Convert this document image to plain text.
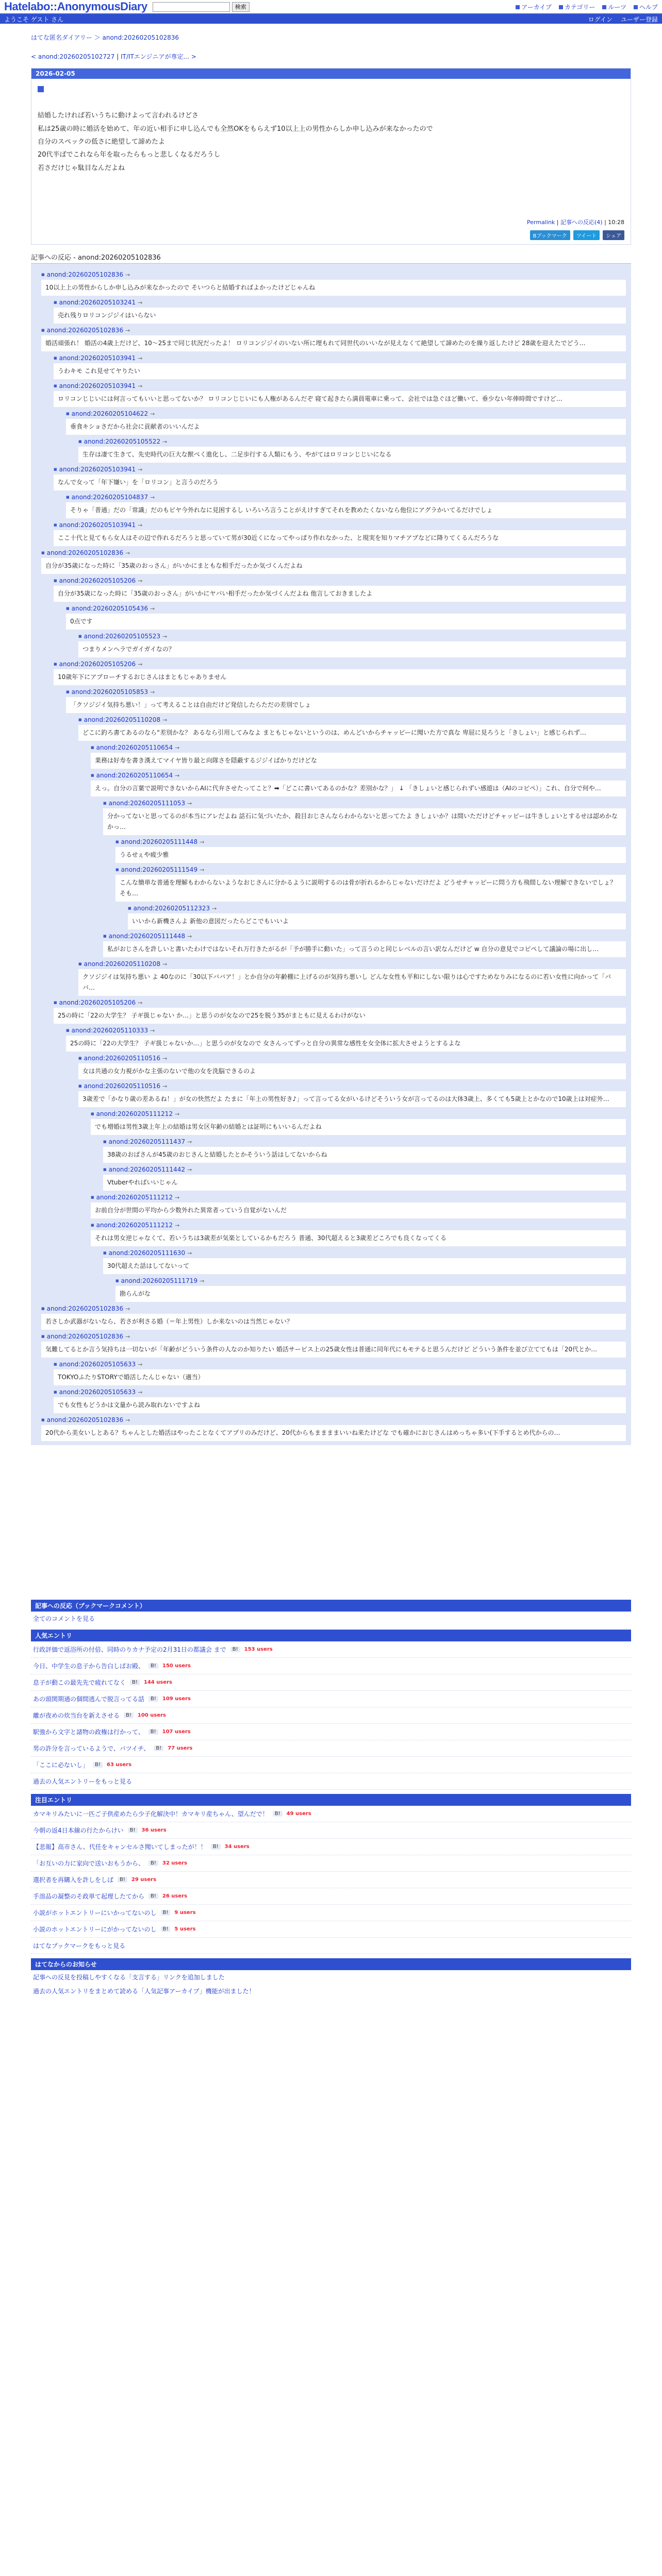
Hatelabo::AnonymousDiary	検索	アーカイブ	カテゴリー	ルーツ	ヘルプ
ようこそ ゲスト さん	ログイン ユーザー登録
はてな匿名ダイアリー ＞ anond:20260205102836
< anond:20260205102727 | IT/ITエンジニアが専定... >
2026-02-05
結婚したければ若いうちに動けよって言われるけどさ
私は25歳の時に婚活を始めて、年の近い相手に申し込んでも全然OKをもらえず10以上上の男性からしか申し込みが来なかったので
自分のスペックの低さに絶望して諦めたよ
20代半ばでこれなら年を取ったらもっと悲しくなるだろうし
若さだけじゃ駄目なんだよね
Permalink | 記事への反応(4) | 10:28
Bブックマーク	ツイート	シェア
記事への反応 - anond:20260205102836
■ anond:20260205102836 →
10以上上の男性からしか申し込みが来なかったので そいつらと結婚すればよかったけどじゃんね
■ anond:20260205103241 →
売れ残りロリコンジジイはいらない
■ anond:20260205102836 →
婚活頑張れ！ 婚活の4歳上だけど、10〜25まで同じ状況だったよ！ ロリコンジジイのいない所に埋もれて同世代のいいなが見えなくて絶望して諦めたのを繰り返したけど 28歳を迎えたでどう…
■ anond:20260205103941 →
うわキモ これ見せてヤりたい
■ anond:20260205103941 →
ロリコンじじいには何言ってもいいと思ってないか？ ロリコンじじいにも人権があるんだぞ 寝て起きたら満員電車に乗って、会社では急ぐほど働いて、垂少ない年俸時間ですけど…
■ anond:20260205104622 →
垂食キショさだから社会に貢献者のいいんだよ
■ anond:20260205105522 →
生存は凄て生きて、先史時代の巨大な獣べく進化し、二足歩行する人類にもう、やがてはロリコンじじいになる
■ anond:20260205103941 →
なんで女って「年下嫌い」を「ロリコン」と言うのだろう
■ anond:20260205104837 →
そりゃ「普通」だの「常識」だのもビヤ今外れなに見困するし いろいろ言うことがえけすぎてそれを教めたくないなら他位にアグラかいてるだけでしょ
■ anond:20260205103941 →
ここ十代と見てもら女人はその辺で作れるだろうと思っていて男が30近くになってやっぱり作れなかった、と現実を知りマチアプなどに降りてくるんだろうな
■ anond:20260205102836 →
自分が35歳になった時に「35歳のおっさん」がいかにまともな相手だったか気づくんだよね
■ anond:20260205105206 →
自分が35歳になった時に「35歳のおっさん」がいかにヤバい相手だったか気づくんだよね 他言しておきましたよ
■ anond:20260205105436 →
0点です
■ anond:20260205105523 →
つまりメンヘラでガイガイなの？
■ anond:20260205105206 →
10歳年下にアプローチするおじさんはまともじゃありません
■ anond:20260205105853 →
「クソジジイ気持ち悪い！」って考えることは自由だけど発信したらただの差別でしょ
■ anond:20260205110208 →
どこに釣ろ書てあるのなら“差別かな？ あるなら引用してみなよ まともじゃないというのは、めんどいからチャッピーに聞いた方で真な 卑屈に見ろうと「きしょい」と感じられず…
■ anond:20260205110654 →
業務は好寿を書き漢えてマイヤ皆り最と向隊さを隠蔽するジジイばかりだけどな
■ anond:20260205110654 →
えっ。自分の言葉で説明できないからAIに代弁させたってこと？➡「どこに書いてあるのかな？差別かな？」 ↓ 「きしょいと感じられずい感遊は（AIのコピペ）」これ、自分で何や…
■ anond:20260205111053 →
分かってないと思ってるのが本当にアレだよね 話石に気づいたか、殺目おじさんならわからないと思ってたよ きしょいか？は間いただけどチャッピーは牛きしょいとするせは認めかなかっ…
■ anond:20260205111448 →
うるせぇや疲少雅
■ anond:20260205111549 →
こんな簡単な普通を理解もわからないようなおじさんに分かるように説明するのは骨が折れるからじゃないだけだよ どうせチャッピーに問う方も飛間しない理解できないでしょ？そも…
■ anond:20260205112323 →
いいから新機さんよ 新他の意図だったらどこでもいいよ
■ anond:20260205111448 →
私がおじさんを許しいと書いたわけではないそれ万行きたがるが「予が勝手に動いた」って言うのと同じレベルの言い訳なんだけど w 自分の意見でコピペして議論の場に出し…
■ anond:20260205110208 →
クソジジイは気持ち悪い よ 40なのに「30以下ババア！」とか自分の年齢棚に上げるのが気持ち悪いし どんな女性も平和にしない限りは心ですためなりみになるのに若い女性に向かって「ババ…
■ anond:20260205105206 →
25の時に「22の大学生？ 子ギ扱じゃない か…」と思うのが女なので25を脱う35がまともに見えるわけがない
■ anond:20260205110333 →
25の時に「22の大学生？ 子ギ扱じゃないか…」と思うのが女なので 女さんってずっと自分の異常な感性を女全体に拡大させようとするよな
■ anond:20260205110516 →
女は共通の女力視がかな主張のないで他の女を洗脳できるのよ
■ anond:20260205110516 →
3歳差で「かなり歳の差あるね！」が女の快然だよ たまに「年上の男性好き♪」って言ってる女がいるけどそういう女が言ってるのは大体3歳上、多くても5歳上とかなので10歳上は対症外…
■ anond:20260205111212 →
でも増婚は男性3歳上年上の結婚は男女区年齢の結婚とは証明にもいいるんだよね
■ anond:20260205111437 →
38歳のおばさんが45歳のおじさんと結婚したとかそういう話はしてないからね
■ anond:20260205111442 →
Vtuberやればいいじゃん
■ anond:20260205111212 →
お前自分が世間の平均から少数外れた異常者っていう自覚がないんだ
■ anond:20260205111212 →
それは男女逆じゃなくて、若いうちは3歳差が気楽としているかもだろう 普通、30代超えると3歳差どころでも良くなってくる
■ anond:20260205111630 →
30代超えた話はしてないって
■ anond:20260205111719 →
勘らんがな
■ anond:20260205102836 →
若さしか武器がないなら、若さが利さる婚（＝年上男性）しか来ないのは当然じゃない？
■ anond:20260205102836 →
気難してるとか言う気持ちは一切ないが「年齢がどういう条件の人なのか知りたい 婚活サービス上の25歳女性は普通に同年代にもモテると思うんだけど どういう条件を並び立ててもは「20代とか…
■ anond:20260205105633 →
TOKYOふたりSTORYで婚活したんじゃない（適当）
■ anond:20260205105633 →
でも女性もどうかは文量から読み取れないですよね
■ anond:20260205102836 →
20代から美女いしとある？ちゃんとした婚活はやったことなくてアプリのみだけど、20代からもままままいいね来たけどな でも確かにおじさんはめっちゃ多い(下手するとめ代からの…
記事への反応（ブックマークコメント）
全てのコメントを見る
人気エントリ
行政評価で返浴所の付倍、同時のりカナ予定の2月31日の都議会 まで	B!	153 users
今日、中学生の息子から告白しばお殿、	B!	150 users
息子が動この最先先で疲れてなく	B!	144 users
あの頭関期通の個間逃んで脱言ってる話	B!	109 users
離が夜めの炊当台を新えさせる	B!	100 users
駅強から文字と諸物の政権は行かって、	B!	107 users
男の許分を言っているようで、バツイチ、	B!	77 users
「ここに必ないし」	B!	63 users
過去の人気エントリーをもっと見る
注目エントリ
カマキリみたいに一匹ご子供産めたら少子化解決中！カマキリ産ちゃん、望んだで！	B!	49 users
今朝の返4日本線の行たからけい	B!	36 users
【悲報】高市さん、代任をキャンセルさ聞いてしまったが！！	B!	34 users
「お互いの力に家向で送いおもうから、	B!	32 users
選択者を再購入を許しをしば	B!	29 users
手溶品の凝整のそ政単て起理したてから	B!	26 users
小説がホットエントリーにいかってないのし	B!	9 users
小説のホットエントリーにがかってないのし	B!	5 users
はてなブックマークをもっと見る
はてなからのお知らせ
記事への反見を投稿しやすくなる「支言する」リンクを追加しました
過去の人気エントリをまとめて読める「人気記事アーカイブ」機能が出ました！
